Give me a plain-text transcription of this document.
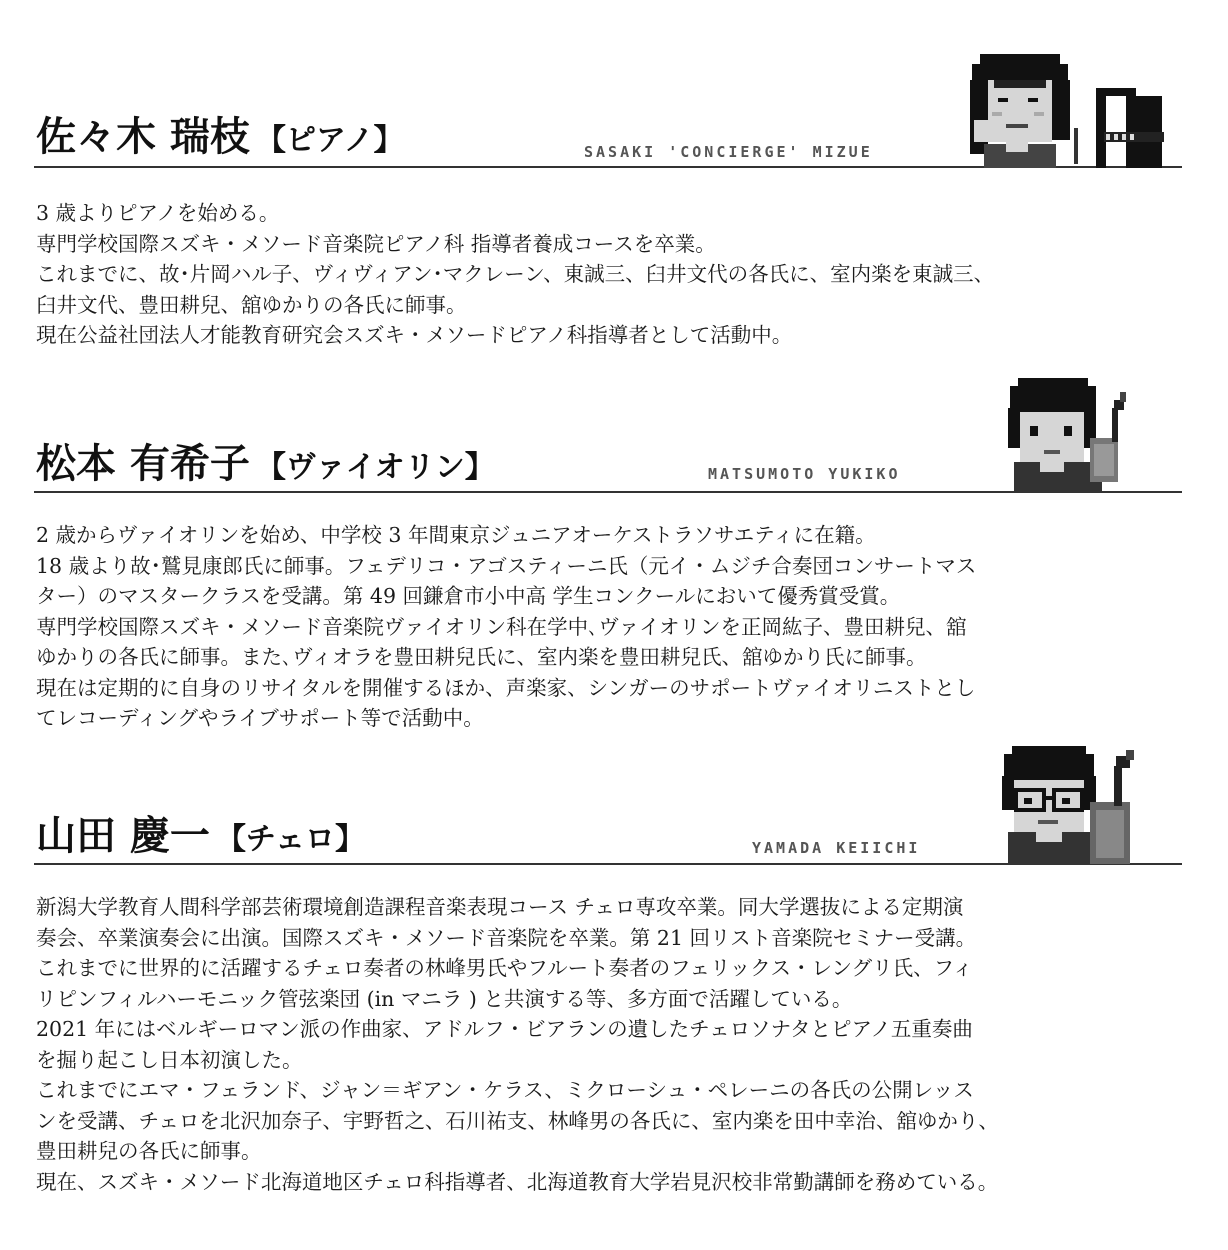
佐々木 瑞枝 【ピアノ】	SASAKI 'CONCIERGE' MIZUE
3 歳よりピアノを始める。
専門学校国際スズキ・メソード音楽院ピアノ科 指導者養成コースを卒業。
これまでに、故･片岡ハル子、ヴィヴィアン･マクレーン、東誠三、臼井文代の各氏に、室内楽を東誠三、
臼井文代、豊田耕兒、舘ゆかりの各氏に師事。
現在公益社団法人才能教育研究会スズキ・メソードピアノ科指導者として活動中。
松本 有希子 【ヴァイオリン】	MATSUMOTO YUKIKO
2 歳からヴァイオリンを始め、中学校 3 年間東京ジュニアオーケストラソサエティに在籍。
18 歳より故･鷲見康郎氏に師事。フェデリコ・アゴスティーニ氏（元イ・ムジチ合奏団コンサートマス
ター）のマスタークラスを受講。第 49 回鎌倉市小中高 学生コンクールにおいて優秀賞受賞。
専門学校国際スズキ・メソード音楽院ヴァイオリン科在学中､ヴァイオリンを正岡紘子、豊田耕兒、舘
ゆかりの各氏に師事。また､ヴィオラを豊田耕兒氏に、室内楽を豊田耕兒氏、舘ゆかり氏に師事。
現在は定期的に自身のリサイタルを開催するほか、声楽家、シンガーのサポートヴァイオリニストとし
てレコーディングやライブサポート等で活動中。
山田 慶一 【チェロ】	YAMADA KEIICHI
新潟大学教育人間科学部芸術環境創造課程音楽表現コース チェロ専攻卒業。同大学選抜による定期演
奏会、卒業演奏会に出演。国際スズキ・メソード音楽院を卒業。第 21 回リスト音楽院セミナー受講。
これまでに世界的に活躍するチェロ奏者の林峰男氏やフルート奏者のフェリックス・レングリ氏、フィ
リピンフィルハーモニック管弦楽団 (in マニラ ) と共演する等、多方面で活躍している。
2021 年にはベルギーロマン派の作曲家、アドルフ・ビアランの遺したチェロソナタとピアノ五重奏曲
を掘り起こし日本初演した。
これまでにエマ・フェランド、ジャン＝ギアン・ケラス、ミクローシュ・ペレーニの各氏の公開レッス
ンを受講、チェロを北沢加奈子、宇野哲之、石川祐支、林峰男の各氏に、室内楽を田中幸治、舘ゆかり、
豊田耕兒の各氏に師事。
現在、スズキ・メソード北海道地区チェロ科指導者、北海道教育大学岩見沢校非常勤講師を務めている。
